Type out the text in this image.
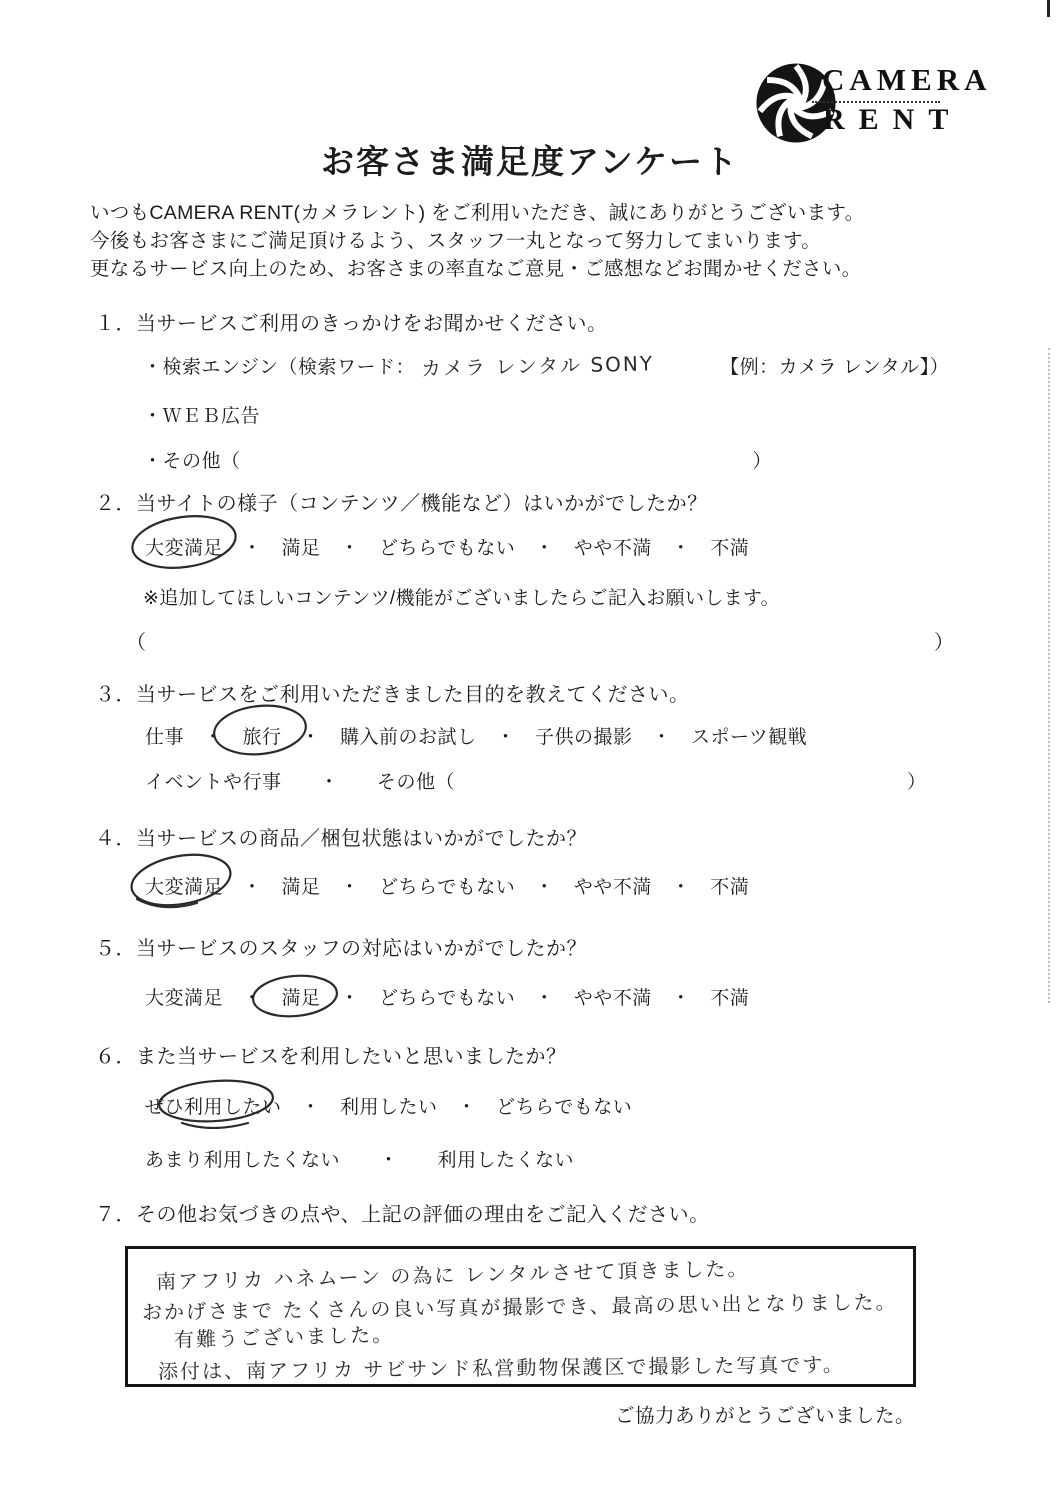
CAMERA
RENT
お客さま満足度アンケート
いつもCAMERA RENT(カメラレント) をご利用いただき、誠にありがとうございます。
今後もお客さまにご満足頂けるよう、スタッフ一丸となって努力してまいります。
更なるサービス向上のため、お客さまの率直なご意見・ご感想などお聞かせください。
１．当サービスご利用のきっかけをお聞かせください。
・検索エンジン（検索ワード： カメラ レンタル SONY	【例：カメラ レンタル】）
・ＷＥＢ広告
・その他（	）
２．当サイトの様子（コンテンツ／機能など）はいかがでしたか？
大変満足　・　満足　・　どちらでもない　・　やや不満　・　不満
※追加してほしいコンテンツ/機能がございましたらご記入お願いします。
（	）
３．当サービスをご利用いただきました目的を教えてください。
仕事　・　旅行　・　購入前のお試し　・　子供の撮影　・　スポーツ観戦
イベントや行事 ・ その他（	）
４．当サービスの商品／梱包状態はいかがでしたか？
大変満足　・　満足　・　どちらでもない　・　やや不満　・　不満
５．当サービスのスタッフの対応はいかがでしたか？
大変満足　・　満足　・　どちらでもない　・　やや不満　・　不満
６．また当サービスを利用したいと思いましたか？
ぜひ利用したい　・　利用したい　・　どちらでもない
あまり利用したくない　　・　　利用したくない
７．その他お気づきの点や、上記の評価の理由をご記入ください。
南アフリカ ハネムーン の為に レンタルさせて頂きました。
おかげさまで たくさんの良い写真が撮影でき、最高の思い出となりました。
有難うございました。
添付は、南アフリカ サビサンド私営動物保護区で撮影した写真です。
ご協力ありがとうございました。
